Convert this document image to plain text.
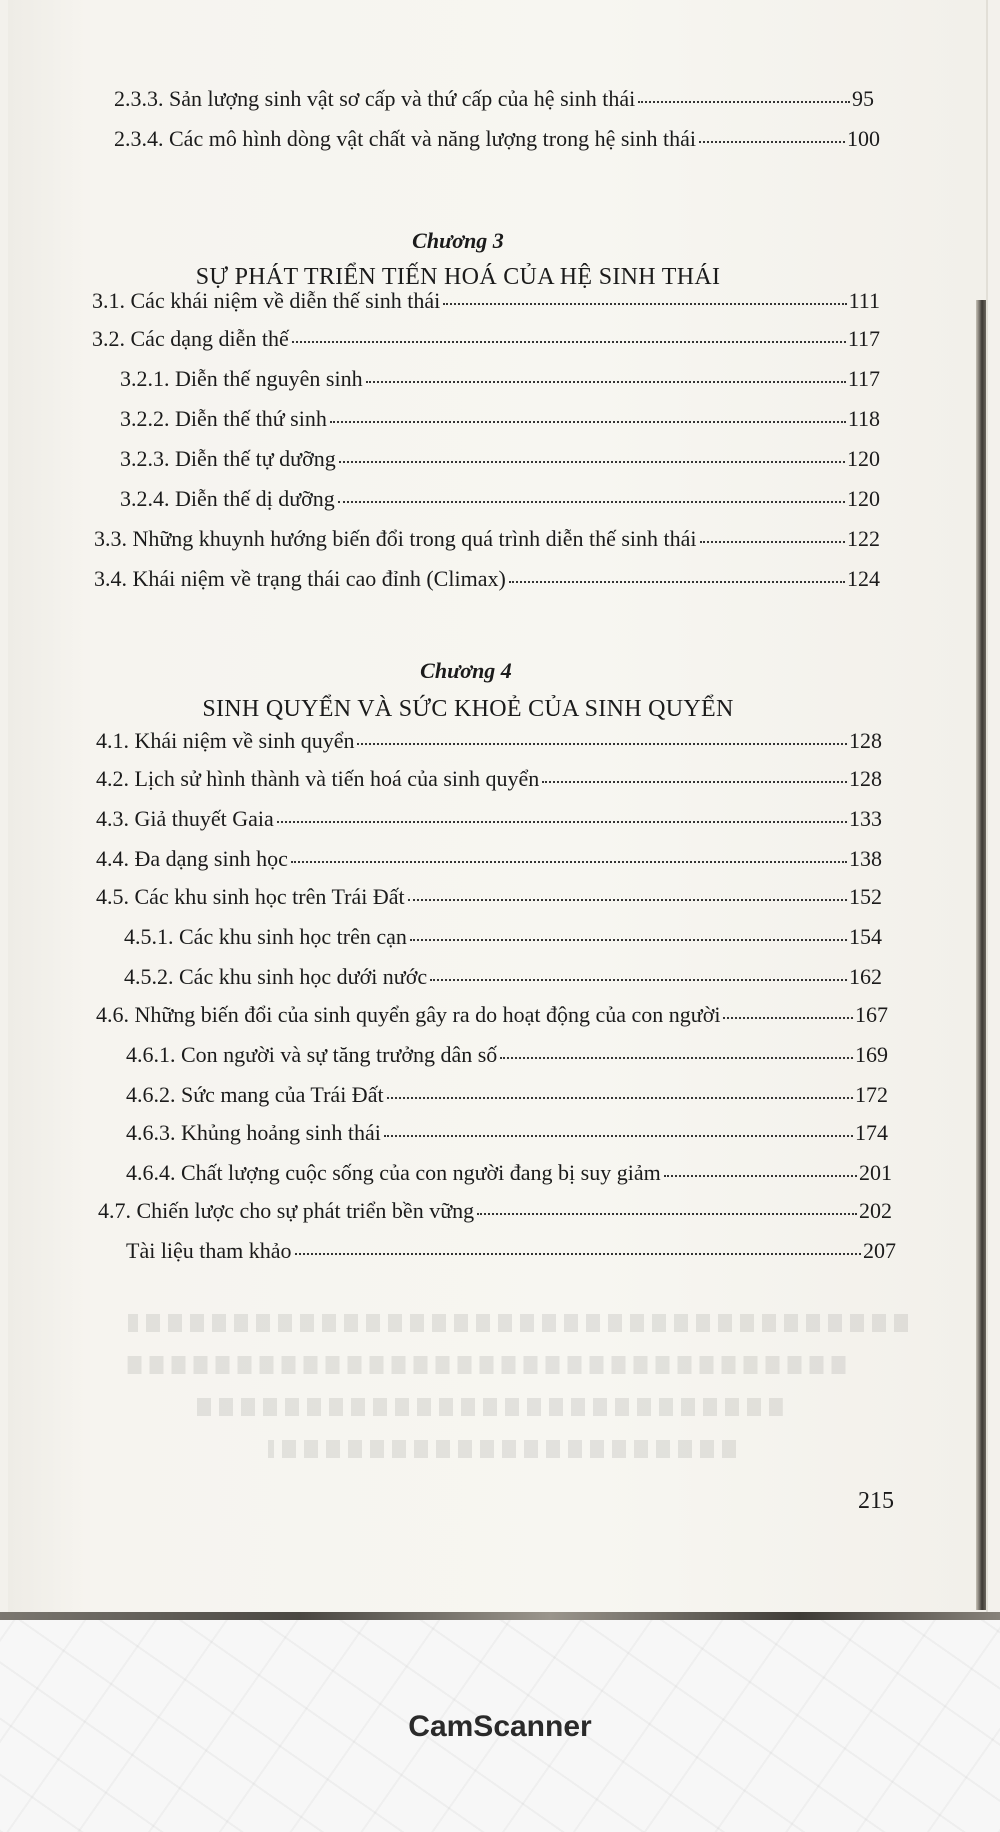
2.3.3. Sản lượng sinh vật sơ cấp và thứ cấp của hệ sinh thái	95
2.3.4. Các mô hình dòng vật chất và năng lượng trong hệ sinh thái	100
Chương 3
SỰ PHÁT TRIỂN TIẾN HOÁ CỦA HỆ SINH THÁI
3.1. Các khái niệm về diễn thế sinh thái	111
3.2. Các dạng diễn thế	117
3.2.1. Diễn thế nguyên sinh	117
3.2.2. Diễn thế thứ sinh	118
3.2.3. Diễn thế tự dưỡng	120
3.2.4. Diễn thế dị dưỡng	120
3.3. Những khuynh hướng biến đổi trong quá trình diễn thế sinh thái	122
3.4. Khái niệm về trạng thái cao đỉnh (Climax)	124
Chương 4
SINH QUYỂN VÀ SỨC KHOẺ CỦA SINH QUYỂN
4.1. Khái niệm về sinh quyển	128
4.2. Lịch sử hình thành và tiến hoá của sinh quyển	128
4.3. Giả thuyết Gaia	133
4.4. Đa dạng sinh học	138
4.5. Các khu sinh học trên Trái Đất	152
4.5.1. Các khu sinh học trên cạn	154
4.5.2. Các khu sinh học dưới nước	162
4.6. Những biến đổi của sinh quyển gây ra do hoạt động của con người	167
4.6.1. Con người và sự tăng trưởng dân số	169
4.6.2. Sức mang của Trái Đất	172
4.6.3. Khủng hoảng sinh thái	174
4.6.4. Chất lượng cuộc sống của con người đang bị suy giảm	201
4.7. Chiến lược cho sự phát triển bền vững	202
Tài liệu tham khảo	207
215
CamScanner
